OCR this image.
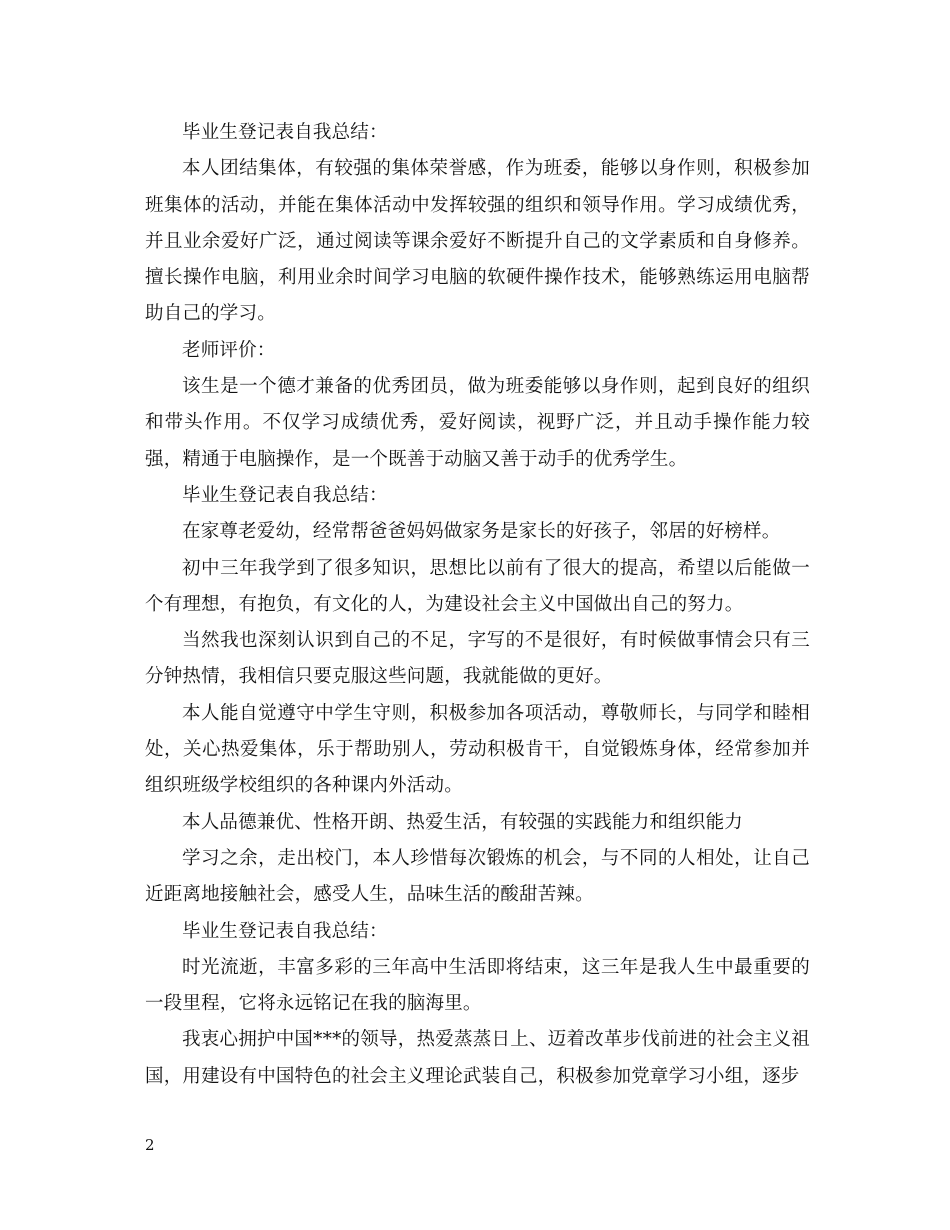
毕业生登记表自我总结：

本人团结集体，有较强的集体荣誉感，作为班委，能够以身作则，积极参加班集体的活动，并能在集体活动中发挥较强的组织和领导作用。学习成绩优秀，并且业余爱好广泛，通过阅读等课余爱好不断提升自己的文学素质和自身修养。擅长操作电脑，利用业余时间学习电脑的软硬件操作技术，能够熟练运用电脑帮助自己的学习。

老师评价：

该生是一个德才兼备的优秀团员，做为班委能够以身作则，起到良好的组织和带头作用。不仅学习成绩优秀，爱好阅读，视野广泛，并且动手操作能力较强，精通于电脑操作，是一个既善于动脑又善于动手的优秀学生。

毕业生登记表自我总结：

在家尊老爱幼，经常帮爸爸妈妈做家务是家长的好孩子，邻居的好榜样。

初中三年我学到了很多知识，思想比以前有了很大的提高，希望以后能做一个有理想，有抱负，有文化的人，为建设社会主义中国做出自己的努力。

当然我也深刻认识到自己的不足，字写的不是很好，有时候做事情会只有三分钟热情，我相信只要克服这些问题，我就能做的更好。

本人能自觉遵守中学生守则，积极参加各项活动，尊敬师长，与同学和睦相处，关心热爱集体，乐于帮助别人，劳动积极肯干，自觉锻炼身体，经常参加并组织班级学校组织的各种课内外活动。

本人品德兼优、性格开朗、热爱生活，有较强的实践能力和组织能力

学习之余，走出校门，本人珍惜每次锻炼的机会，与不同的人相处，让自己近距离地接触社会，感受人生，品味生活的酸甜苦辣。

毕业生登记表自我总结：

时光流逝，丰富多彩的三年高中生活即将结束，这三年是我人生中最重要的一段里程，它将永远铭记在我的脑海里。

我衷心拥护中国***的领导，热爱蒸蒸日上、迈着改革步伐前进的社会主义祖国，用建设有中国特色的社会主义理论武装自己，积极参加党章学习小组，逐步

2
